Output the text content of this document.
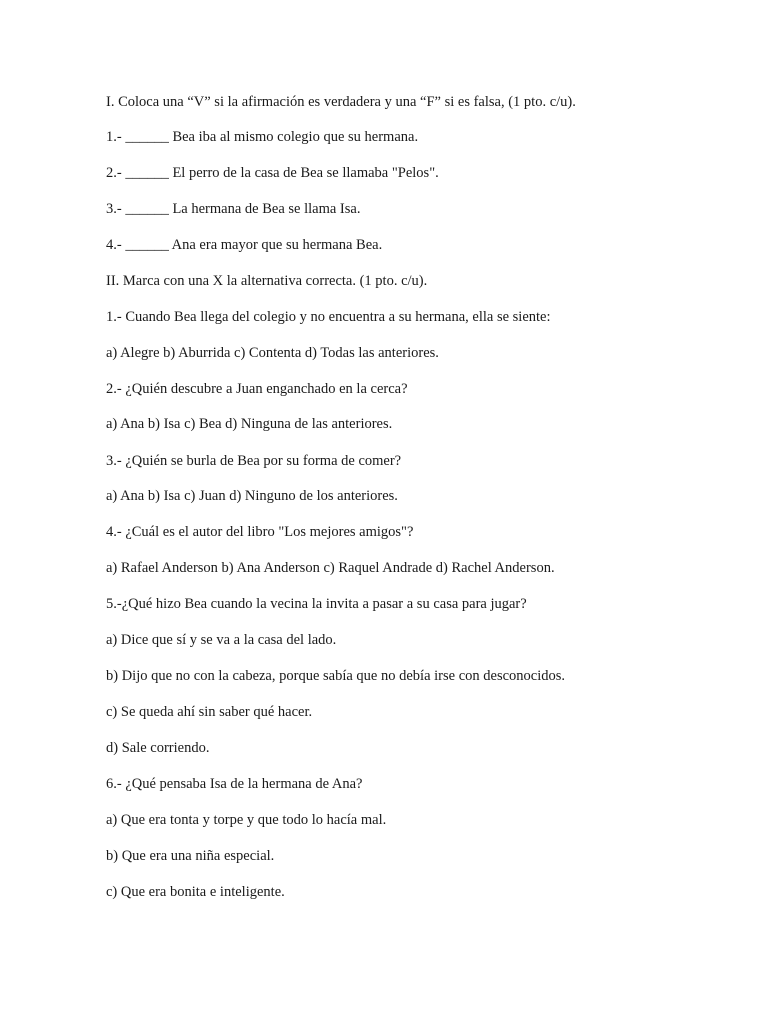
I. Coloca una “V” si la afirmación es verdadera y una “F” si es falsa, (1 pto. c/u).

1.- ______ Bea iba al mismo colegio que su hermana.

2.- ______ El perro de la casa de Bea se llamaba "Pelos".

3.- ______ La hermana de Bea se llama Isa.

4.- ______ Ana era mayor que su hermana Bea.

II. Marca con una X la alternativa correcta. (1 pto. c/u).

1.- Cuando Bea llega del colegio y no encuentra a su hermana, ella se siente:

a) Alegre b) Aburrida c) Contenta d) Todas las anteriores.

2.- ¿Quién descubre a Juan enganchado en la cerca?

a) Ana b) Isa c) Bea d) Ninguna de las anteriores.

3.- ¿Quién se burla de Bea por su forma de comer?

a) Ana b) Isa c) Juan d) Ninguno de los anteriores.

4.- ¿Cuál es el autor del libro "Los mejores amigos"?

a) Rafael Anderson b) Ana Anderson c) Raquel Andrade d) Rachel Anderson.

5.-¿Qué hizo Bea cuando la vecina la invita a pasar a su casa para jugar?

a) Dice que sí y se va a la casa del lado.

b) Dijo que no con la cabeza, porque sabía que no debía irse con desconocidos.

c) Se queda ahí sin saber qué hacer.

d) Sale corriendo.

6.- ¿Qué pensaba Isa de la hermana de Ana?

a) Que era tonta y torpe y que todo lo hacía mal.

b) Que era una niña especial.

c) Que era bonita e inteligente.
